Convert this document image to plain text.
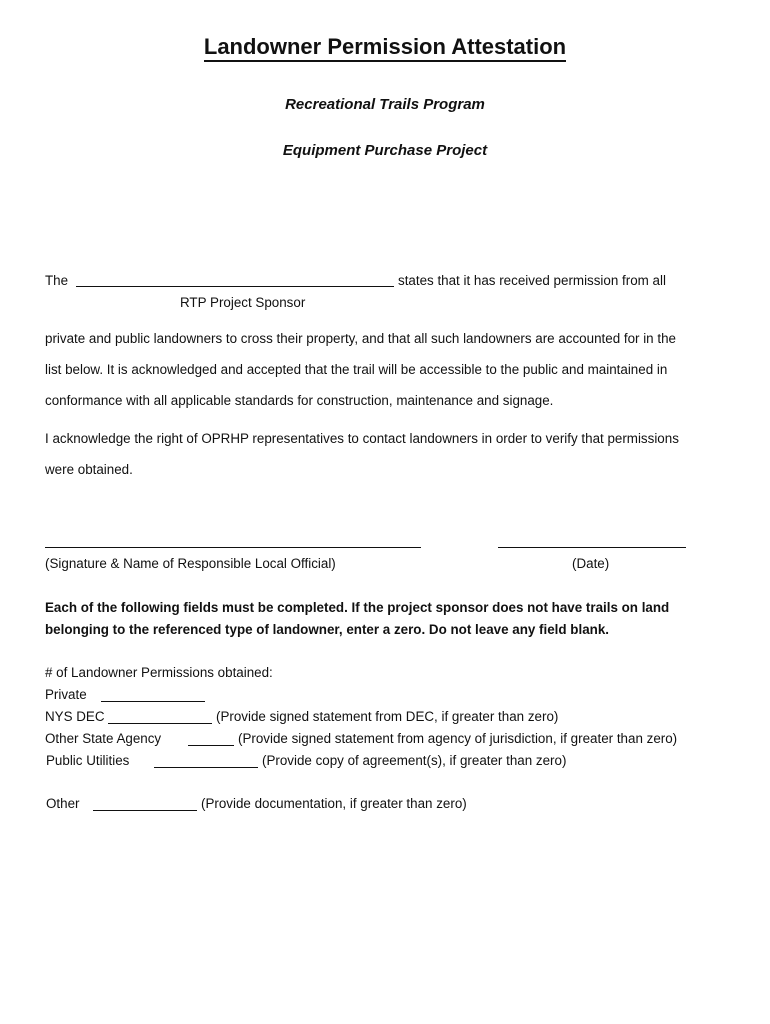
Landowner Permission Attestation
Recreational Trails Program
Equipment Purchase Project
The	states that it has received permission from all
RTP Project Sponsor
private and public landowners to cross their property, and that all such landowners are accounted for in the
list below. It is acknowledged and accepted that the trail will be accessible to the public and maintained in
conformance with all applicable standards for construction, maintenance and signage.
I acknowledge the right of OPRHP representatives to contact landowners in order to verify that permissions
were obtained.
(Signature & Name of Responsible Local Official)	(Date)
Each of the following fields must be completed. If the project sponsor does not have trails on land
belonging to the referenced type of landowner, enter a zero. Do not leave any field blank.
# of Landowner Permissions obtained:
Private
NYS DEC	(Provide signed statement from DEC, if greater than zero)
Other State Agency	(Provide signed statement from agency of jurisdiction, if greater than zero)
Public Utilities	(Provide copy of agreement(s), if greater than zero)
Other	(Provide documentation, if greater than zero)
